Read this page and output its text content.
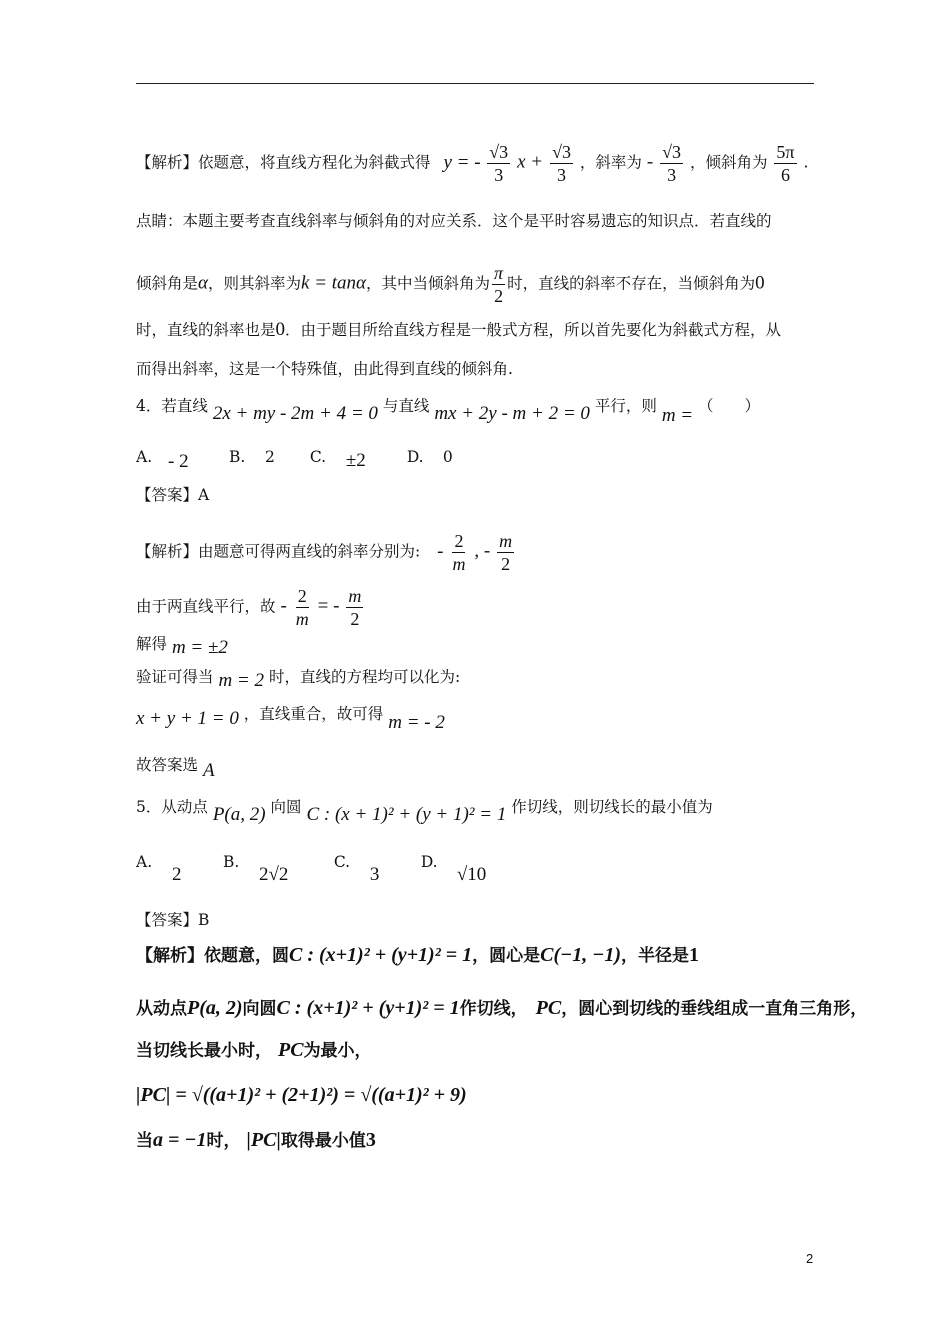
【解析】依题意，将直线方程化为斜截式得 y = - $\frac{√3}{3}$ $x + \frac{√3}{3}$ ，斜率为 - $\frac{√3}{3}$ ，倾斜角为 $\frac{5\pi}{6}$ .
点睛：本题主要考查直线斜率与倾斜角的对应关系．这个是平时容易遗忘的知识点．若直线的
倾斜角是α，则其斜率为k = tanα，其中当倾斜角为 $\frac{\pi}{2}$ 时，直线的斜率不存在，当倾斜角为0
时，直线的斜率也是0．由于题目所给直线方程是一般式方程，所以首先要化为斜截式方程，从
而得出斜率，这是一个特殊值，由此得到直线的倾斜角.
4．若直线 2x + my - 2m + 4 = 0 与直线 mx + 2y - m + 2 = 0 平行，则 m = （　　）
A. - 2	B. 2 C. ±2	D. 0
【答案】A
【解析】由题意可得两直线的斜率分别为: - $\frac{2}{m}$ , - $\frac{m}{2}$
由于两直线平行，故 - $\frac{2}{m}$ = - $\frac{m}{2}$
解得 m = ±2
验证可得当 m = 2 时，直线的方程均可以化为:
x + y + 1 = 0 ，直线重合，故可得 m = - 2
故答案选 A
5．从动点 P(a, 2) 向圆 C : (x + 1)² + (y + 1)² = 1 作切线，则切线长的最小值为
A.2 B.2√2 C.3 D.√10
【答案】B
【解析】依题意，圆C : (x+1)² + (y+1)² = 1，圆心是C(−1, −1)，半径是1
从动点P(a, 2)向圆C : (x+1)² + (y+1)² = 1作切线， PC，圆心到切线的垂线组成一直角三角形，
当切线长最小时， PC为最小，
|PC| = √((a+1)² + (2+1)²) = √((a+1)² + 9)
当a = −1时， |PC|取得最小值3
2
